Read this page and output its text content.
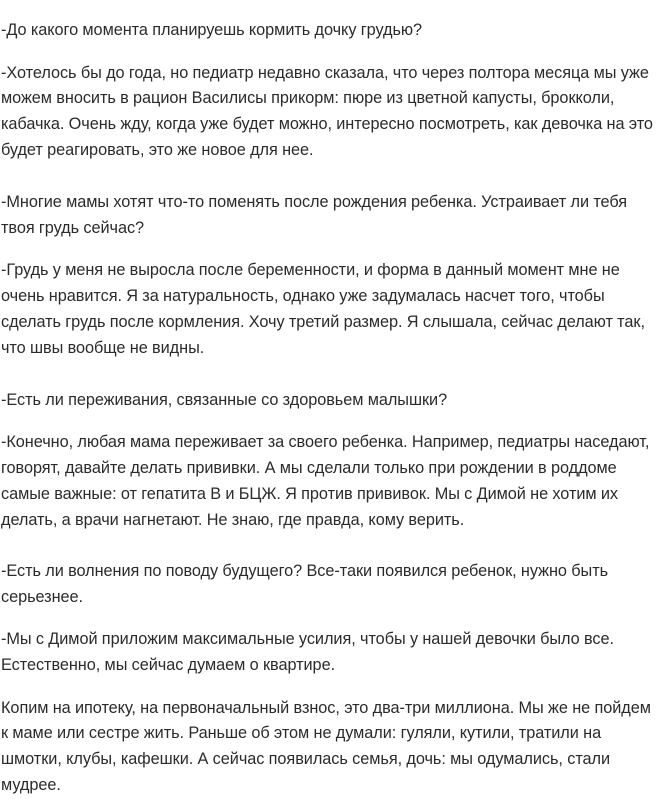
-До какого момента планируешь кормить дочку грудью?

-Хотелось бы до года, но педиатр недавно сказала, что через полтора месяца мы уже можем вносить в рацион Василисы прикорм: пюре из цветной капусты, брокколи, кабачка. Очень жду, когда уже будет можно, интересно посмотреть, как девочка на это будет реагировать, это же новое для нее.

-Многие мамы хотят что-то поменять после рождения ребенка. Устраивает ли тебя твоя грудь сейчас?

-Грудь у меня не выросла после беременности, и форма в данный момент мне не очень нравится. Я за натуральность, однако уже задумалась насчет того, чтобы сделать грудь после кормления. Хочу третий размер. Я слышала, сейчас делают так, что швы вообще не видны.

-Есть ли переживания, связанные со здоровьем малышки?

-Конечно, любая мама переживает за своего ребенка. Например, педиатры наседают, говорят, давайте делать прививки. А мы сделали только при рождении в роддоме самые важные: от гепатита В и БЦЖ. Я против прививок. Мы с Димой не хотим их делать, а врачи нагнетают. Не знаю, где правда, кому верить.

-Есть ли волнения по поводу будущего? Все-таки появился ребенок, нужно быть серьезнее.

-Мы с Димой приложим максимальные усилия, чтобы у нашей девочки было все. Естественно, мы сейчас думаем о квартире.

Копим на ипотеку, на первоначальный взнос, это два-три миллиона. Мы же не пойдем к маме или сестре жить. Раньше об этом не думали: гуляли, кутили, тратили на шмотки, клубы, кафешки. А сейчас появилась семья, дочь: мы одумались, стали мудрее.
